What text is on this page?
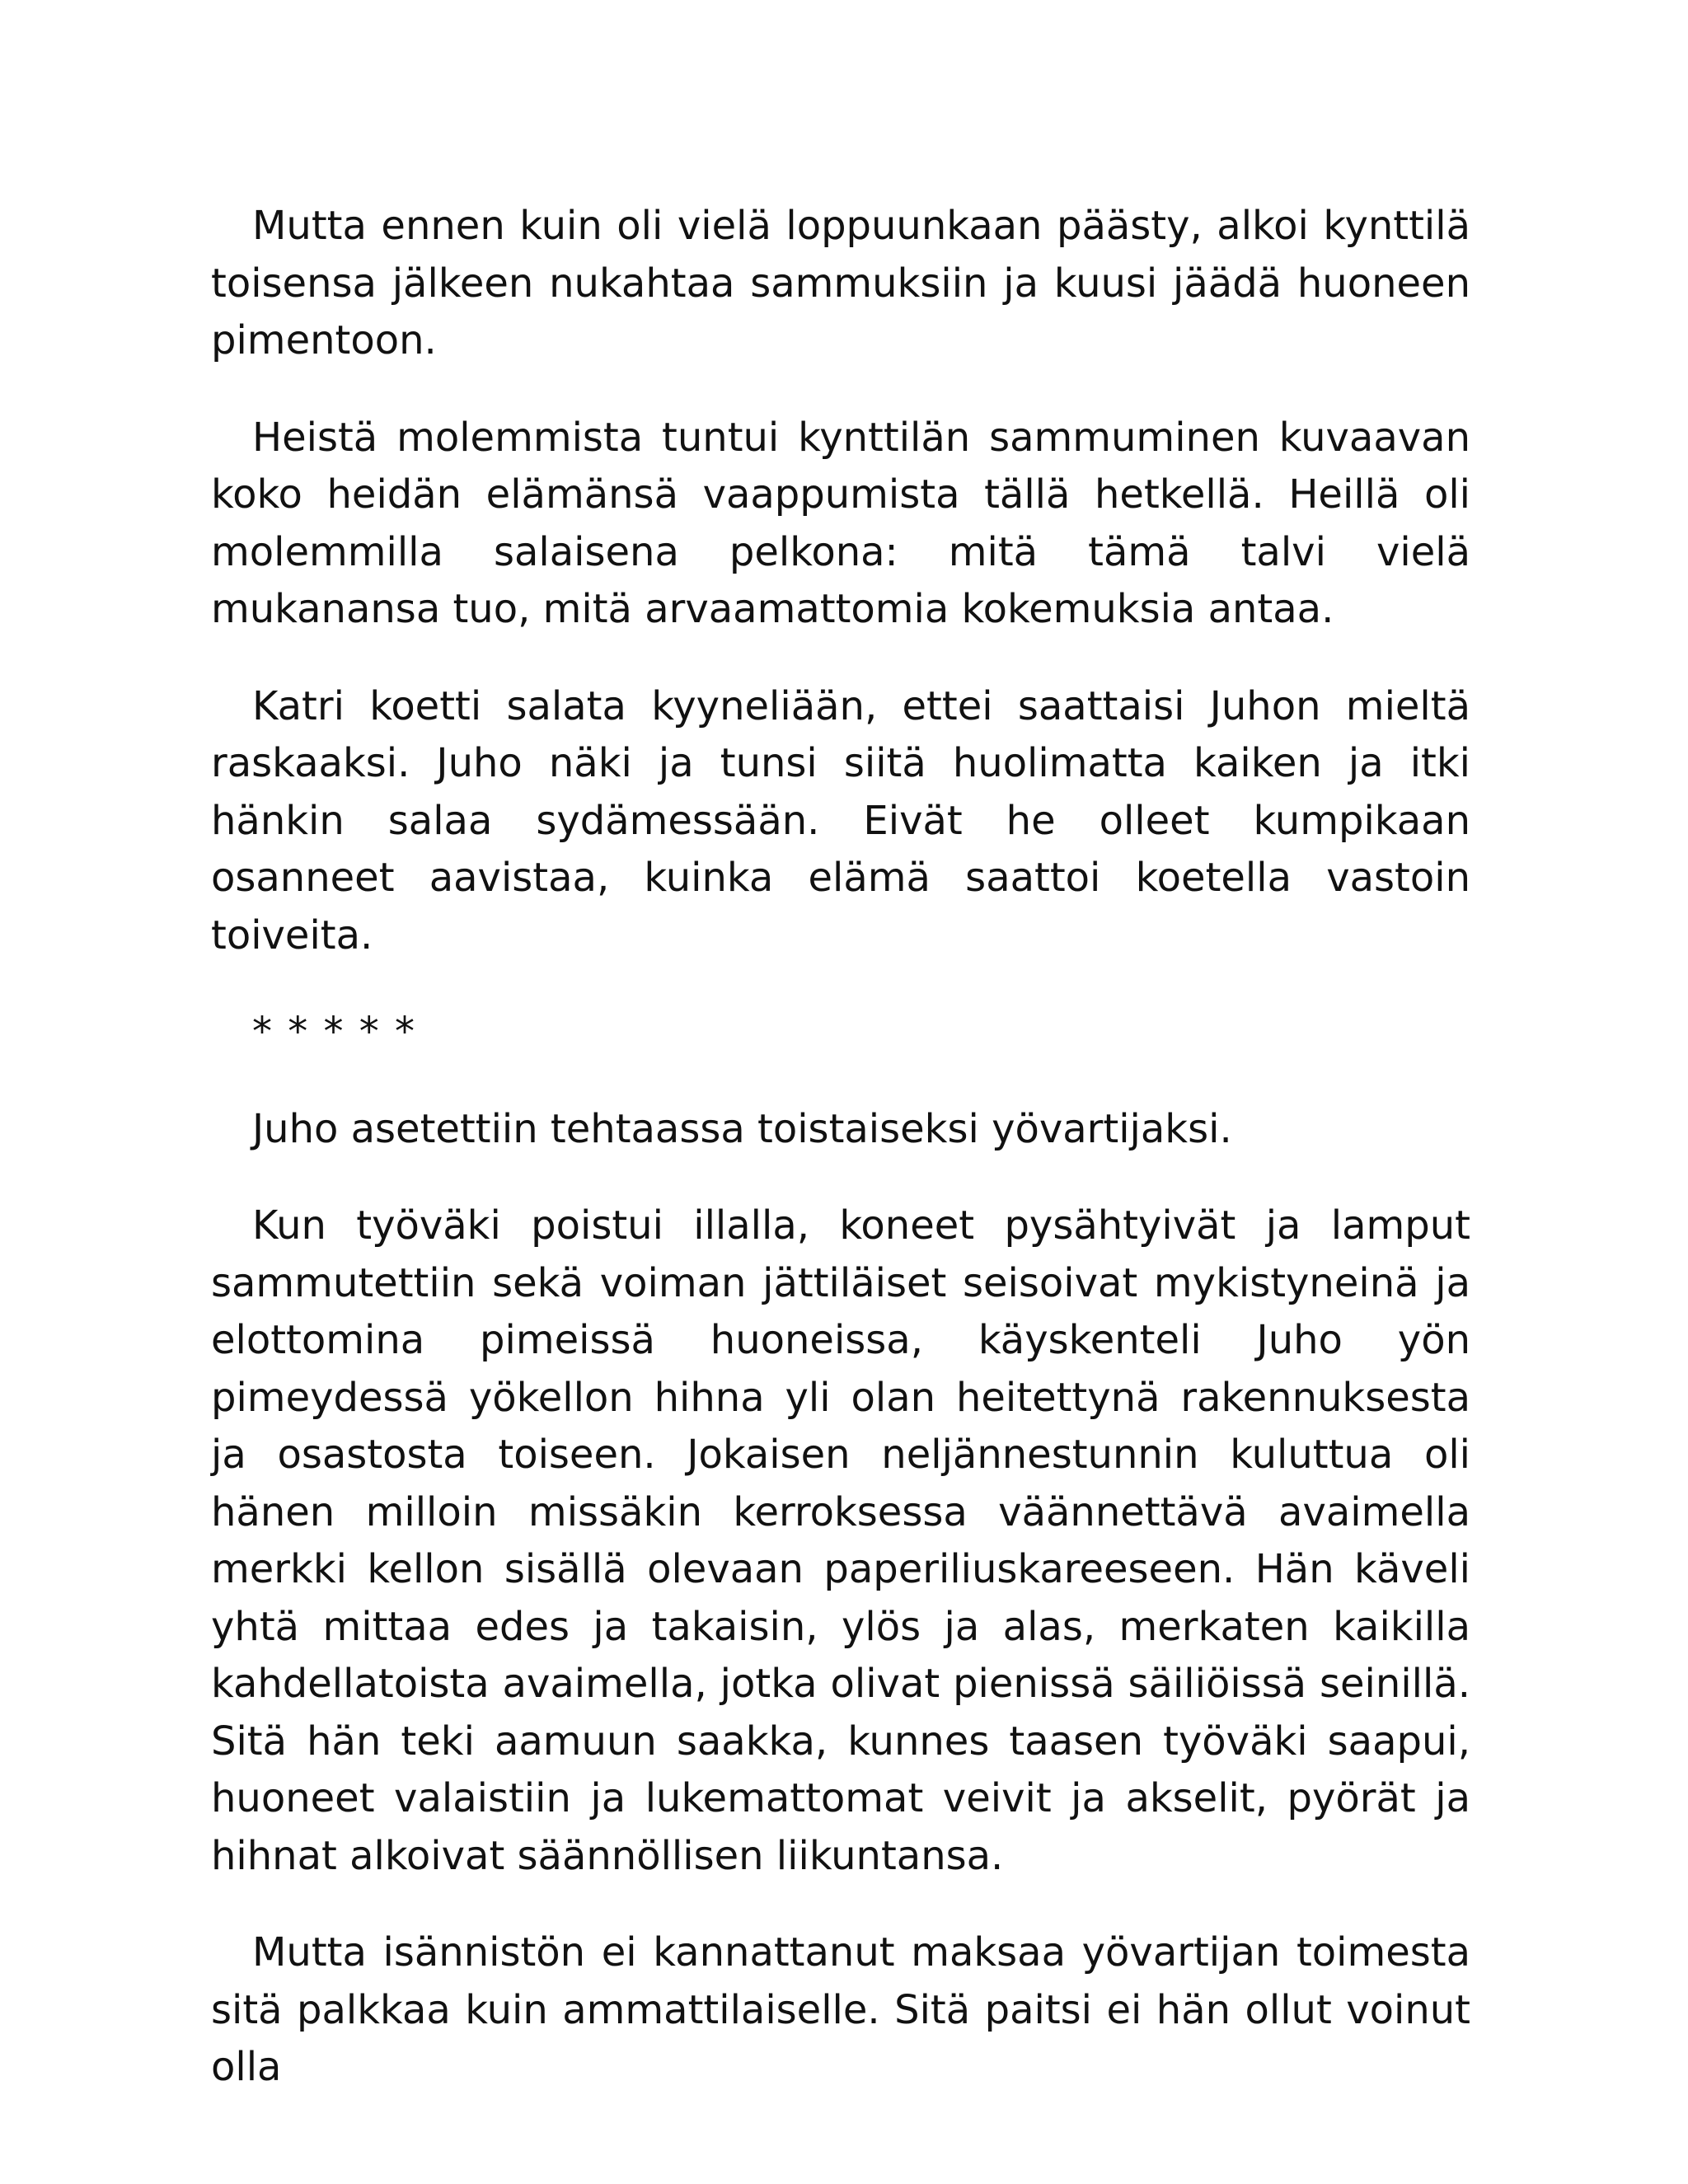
Mutta ennen kuin oli vielä loppuunkaan päästy, alkoi kynttilä toisensa jälkeen nukahtaa sammuksiin ja kuusi jäädä huoneen pimentoon.

Heistä molemmista tuntui kynttilän sammuminen kuvaavan koko heidän elämänsä vaappumista tällä hetkellä. Heillä oli molemmilla salaisena pelkona: mitä tämä talvi vielä mukanansa tuo, mitä arvaamattomia kokemuksia antaa.

Katri koetti salata kyyneliään, ettei saattaisi Juhon mieltä raskaaksi. Juho näki ja tunsi siitä huolimatta kaiken ja itki hänkin salaa sydämessään. Eivät he olleet kumpikaan osanneet aavistaa, kuinka elämä saattoi koetella vastoin toiveita.

* * * * *

Juho asetettiin tehtaassa toistaiseksi yövartijaksi.

Kun työväki poistui illalla, koneet pysähtyivät ja lamput sammutettiin sekä voiman jättiläiset seisoivat mykistyneinä ja elottomina pimeissä huoneissa, käyskenteli Juho yön pimeydessä yökellon hihna yli olan heitettynä rakennuksesta ja osastosta toiseen. Jokaisen neljännestunnin kuluttua oli hänen milloin missäkin kerroksessa väännettävä avaimella merkki kellon sisällä olevaan paperiliuskareeseen. Hän käveli yhtä mittaa edes ja takaisin, ylös ja alas, merkaten kaikilla kahdellatoista avaimella, jotka olivat pienissä säiliöissä seinillä. Sitä hän teki aamuun saakka, kunnes taasen työväki saapui, huoneet valaistiin ja lukemattomat veivit ja akselit, pyörät ja hihnat alkoivat säännöllisen liikuntansa.

Mutta isännistön ei kannattanut maksaa yövartijan toimesta sitä palkkaa kuin ammattilaiselle. Sitä paitsi ei hän ollut voinut olla
